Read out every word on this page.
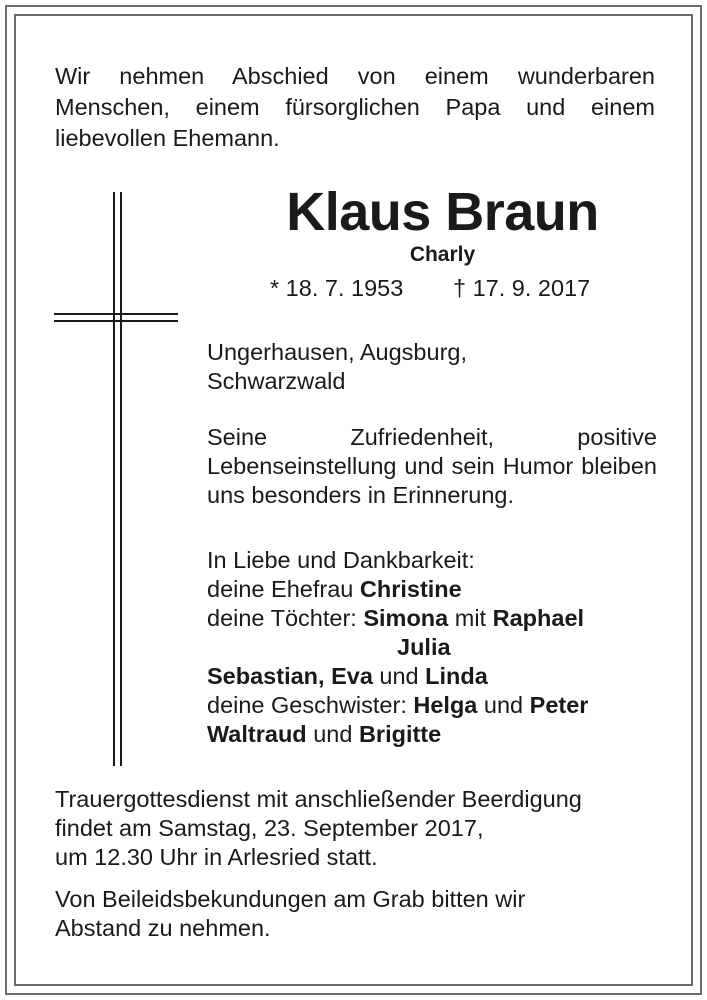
Wir nehmen Abschied von einem wunderbaren Menschen, einem fürsorglichen Papa und einem liebevollen Ehemann.
Klaus Braun
Charly
* 18. 7. 1953 † 17. 9. 2017
Ungerhausen, Augsburg,
Schwarzwald
Seine Zufriedenheit, positive Lebenseinstellung und sein Humor bleiben uns besonders in Erinnerung.
In Liebe und Dankbarkeit:
deine Ehefrau Christine
deine Töchter: Simona mit Raphael
Julia
Sebastian, Eva und Linda
deine Geschwister: Helga und Peter
Waltraud und Brigitte
Trauergottesdienst mit anschließender Beerdigung
findet am Samstag, 23. September 2017,
um 12.30 Uhr in Arlesried statt.
Von Beileidsbekundungen am Grab bitten wir
Abstand zu nehmen.
